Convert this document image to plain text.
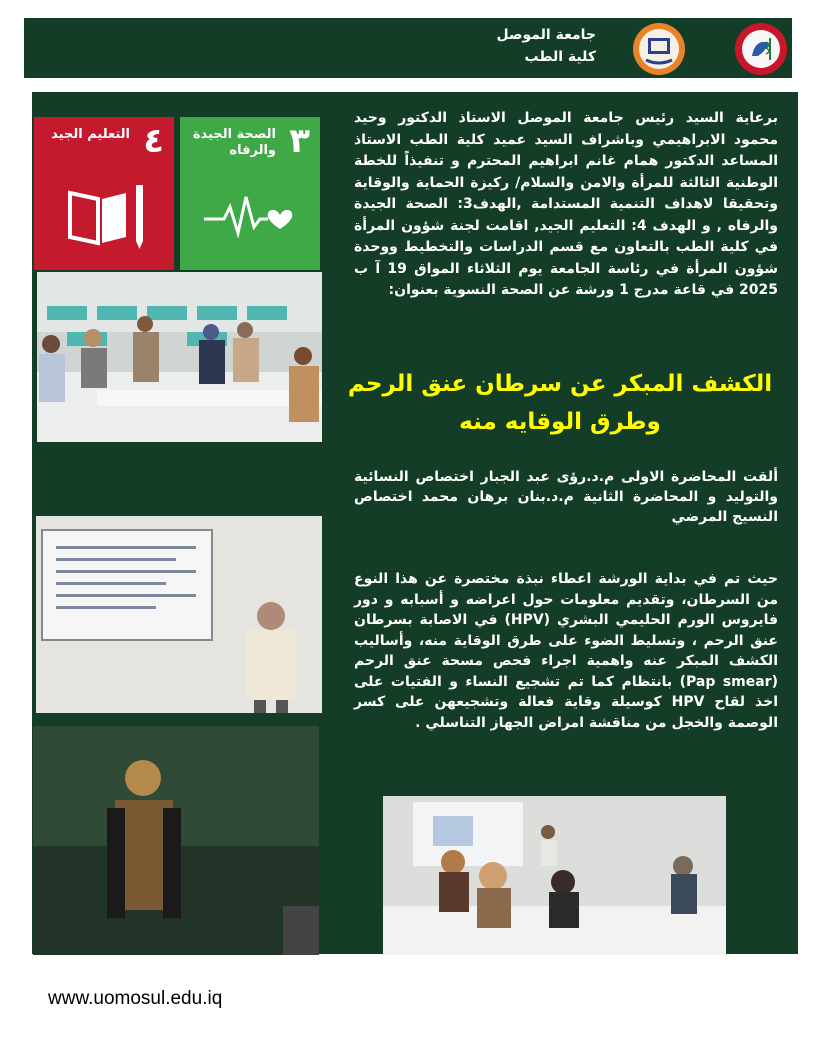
جامعة الموصل
كلية الطب
٣
الصحة الجيدة والرفاه
٤
التعليم الجيد
برعاية السيد رئيس جامعة الموصل الاستاذ الدكتور وحيد محمود الابراهيمي وباشراف السيد عميد كلية الطب الاستاذ المساعد الدكتور همام غانم ابراهيم المحترم و تنفيذاً للخطة الوطنية الثالثة للمرأة والامن والسلام/ ركيزة الحماية والوقاية وتحقيقا لاهداف التنمية المستدامة ,الهدف3: الصحة الجيدة والرفاه , و الهدف 4: التعليم الجيد, اقامت لجنة شؤون المرأة في كلية الطب بالتعاون مع قسم الدراسات والتخطيط ووحدة شؤون المرأة في رئاسة الجامعة يوم الثلاثاء المواق 19 آ ب 2025 في قاعة مدرج 1 ورشة عن الصحة النسوية بعنوان:
الكشف المبكر عن سرطان عنق الرحم
وطرق الوقايه منه
ألقت المحاضرة الاولى م.د.رؤى عبد الجبار اختصاص النسائية والتوليد و المحاضرة الثانية م.د.بنان برهان محمد اختصاص النسيج المرضي
حيث تم في بداية الورشة اعطاء نبذة مختصرة عن هذا النوع من السرطان، وتقديم معلومات حول اعراضه و أسبابه و دور فايروس الورم الحليمي البشري (HPV) في الاصابة بسرطان عنق الرحم ، وتسليط الضوء على طرق الوقاية منه، وأساليب الكشف المبكر عنه واهمية اجراء فحص مسحة عنق الرحم (Pap smear) بانتظام كما تم تشجيع النساء و الفتيات على اخذ لقاح HPV كوسيلة وقاية فعالة وتشجيعهن على كسر الوصمة والخجل من مناقشة امراض الجهاز التناسلي .
www.uomosul.edu.iq
